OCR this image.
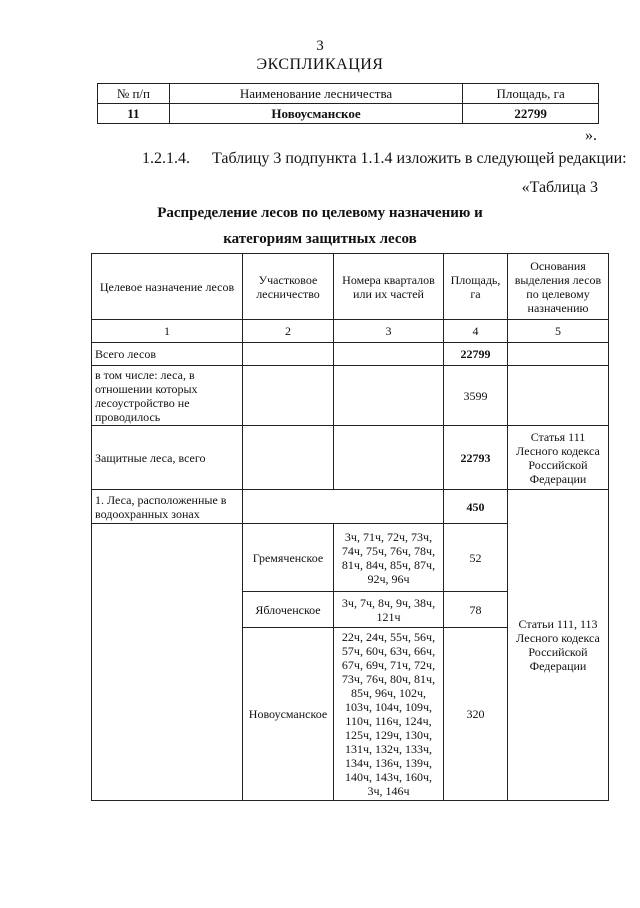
3
ЭКСПЛИКАЦИЯ
№ п/п	Наименование лесничества	Площадь, га
11	Новоусманское	22799
».
1.2.1.4. Таблицу 3 подпункта 1.1.4 изложить в следующей редакции:
«Таблица 3
Распределение лесов по целевому назначению и
категориям защитных лесов
Целевое назначение лесов	Участковое лесничество	Номера кварталов или их частей	Площадь, га	Основания выделения лесов по целевому назначению
1	2	3	4	5
Всего лесов			22799	
в том числе: леса, в отношении которых лесоустройство не проводилось			3599	
Защитные леса, всего			22793	Статья 111 Лесного кодекса Российской Федерации
1. Леса, расположенные в водоохранных зонах			450	Статьи 111, 113 Лесного кодекса Российской Федерации
	Гремяченское	3ч, 71ч, 72ч, 73ч, 74ч, 75ч, 76ч, 78ч, 81ч, 84ч, 85ч, 87ч, 92ч, 96ч	52	
	Яблоченское	3ч, 7ч, 8ч, 9ч, 38ч, 121ч	78	
	Новоусманское	22ч, 24ч, 55ч, 56ч, 57ч, 60ч, 63ч, 66ч, 67ч, 69ч, 71ч, 72ч, 73ч, 76ч, 80ч, 81ч, 85ч, 96ч, 102ч, 103ч, 104ч, 109ч, 110ч, 116ч, 124ч, 125ч, 129ч, 130ч, 131ч, 132ч, 133ч, 134ч, 136ч, 139ч, 140ч, 143ч, 160ч, 3ч, 146ч	320	
